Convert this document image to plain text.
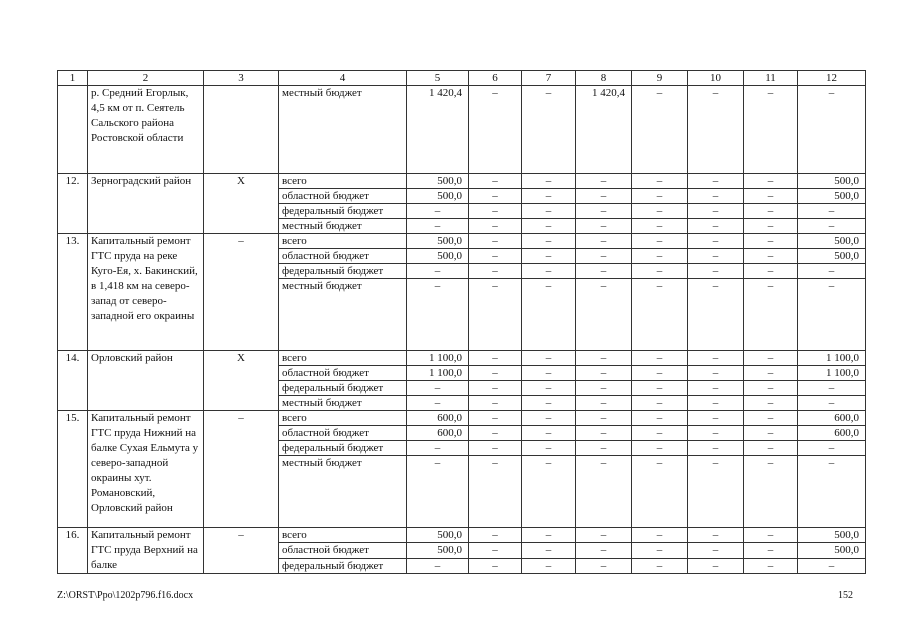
1	2	3	4	5	6	7	8	9	10	11	12
	р. Средний Егорлык, 4,5 км от п. Сеятель Сальского района Ростовской области		местный бюджет	1 420,4	–	–	1 420,4	–	–	–	–
12.	Зерноградский район	Х	всего	500,0	–	–	–	–	–	–	500,0
			областной бюджет	500,0	–	–	–	–	–	–	500,0
			федеральный бюджет	–	–	–	–	–	–	–	–
			местный бюджет	–	–	–	–	–	–	–	–
13.	Капитальный ремонт ГТС пруда на реке Куго-Ея, х. Бакинский, в 1,418 км на северо-запад от северо-западной его окраины	–	всего	500,0	–	–	–	–	–	–	500,0
			областной бюджет	500,0	–	–	–	–	–	–	500,0
			федеральный бюджет	–	–	–	–	–	–	–	–
			местный бюджет	–	–	–	–	–	–	–	–
14.	Орловский район	Х	всего	1 100,0	–	–	–	–	–	–	1 100,0
			областной бюджет	1 100,0	–	–	–	–	–	–	1 100,0
			федеральный бюджет	–	–	–	–	–	–	–	–
			местный бюджет	–	–	–	–	–	–	–	–
15.	Капитальный ремонт ГТС пруда Нижний на балке Сухая Ельмута у северо-западной окраины хут. Романовский, Орловский район	–	всего	600,0	–	–	–	–	–	–	600,0
			областной бюджет	600,0	–	–	–	–	–	–	600,0
			федеральный бюджет	–	–	–	–	–	–	–	–
			местный бюджет	–	–	–	–	–	–	–	–
16.	Капитальный ремонт ГТС пруда Верхний на балке	–	всего	500,0	–	–	–	–	–	–	500,0
			областной бюджет	500,0	–	–	–	–	–	–	500,0
			федеральный бюджет	–	–	–	–	–	–	–	–
Z:\ORST\Ppo\1202p796.f16.docx	152
